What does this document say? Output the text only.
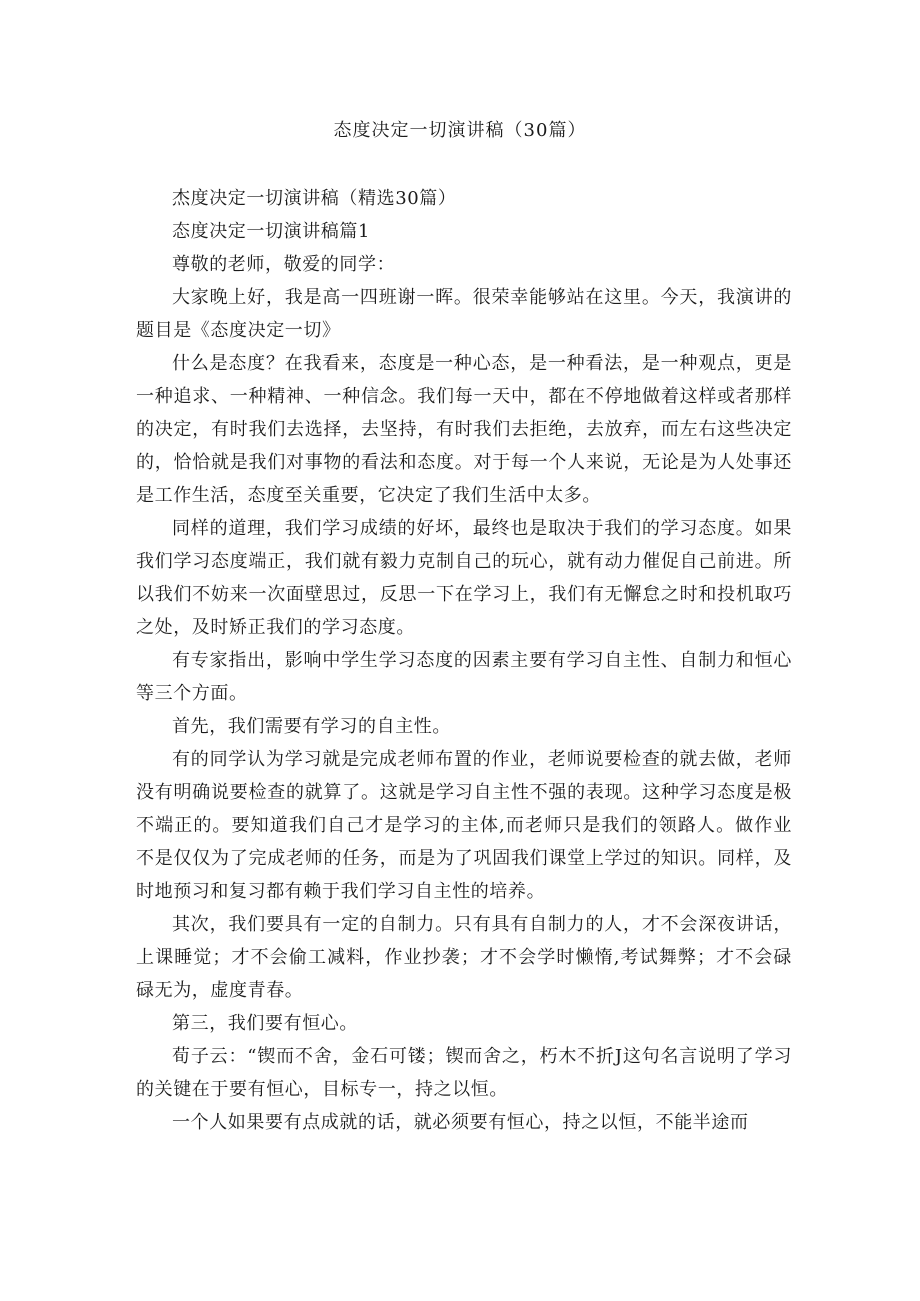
态度决定一切演讲稿（30篇）

杰度决定一切演讲稿（精选30篇）

态度决定一切演讲稿篇1

尊敬的老师，敬爱的同学：

大家晚上好，我是高一四班谢一晖。很荣幸能够站在这里。今天，我演讲的题目是《态度决定一切》

什么是态度？在我看来，态度是一种心态，是一种看法，是一种观点，更是一种追求、一种精神、一种信念。我们每一天中，都在不停地做着这样或者那样的决定，有时我们去选择，去坚持，有时我们去拒绝，去放弃，而左右这些决定的，恰恰就是我们对事物的看法和态度。对于每一个人来说，无论是为人处事还是工作生活，态度至关重要，它决定了我们生活中太多。

同样的道理，我们学习成绩的好坏，最终也是取决于我们的学习态度。如果我们学习态度端正，我们就有毅力克制自己的玩心，就有动力催促自己前进。所以我们不妨来一次面壁思过，反思一下在学习上，我们有无懈怠之时和投机取巧之处，及时矫正我们的学习态度。

有专家指出，影响中学生学习态度的因素主要有学习自主性、自制力和恒心等三个方面。

首先，我们需要有学习的自主性。

有的同学认为学习就是完成老师布置的作业，老师说要检查的就去做，老师没有明确说要检查的就算了。这就是学习自主性不强的表现。这种学习态度是极不端正的。要知道我们自己才是学习的主体,而老师只是我们的领路人。做作业不是仅仅为了完成老师的任务，而是为了巩固我们课堂上学过的知识。同样，及时地预习和复习都有赖于我们学习自主性的培养。

其次，我们要具有一定的自制力。只有具有自制力的人，才不会深夜讲话，上课睡觉；才不会偷工减料，作业抄袭；才不会学时懒惰,考试舞弊；才不会碌碌无为，虚度青春。

第三，我们要有恒心。

荀子云：“锲而不舍，金石可镂；锲而舍之，朽木不折J这句名言说明了学习的关键在于要有恒心，目标专一，持之以恒。

一个人如果要有点成就的话，就必须要有恒心，持之以恒，不能半途而
